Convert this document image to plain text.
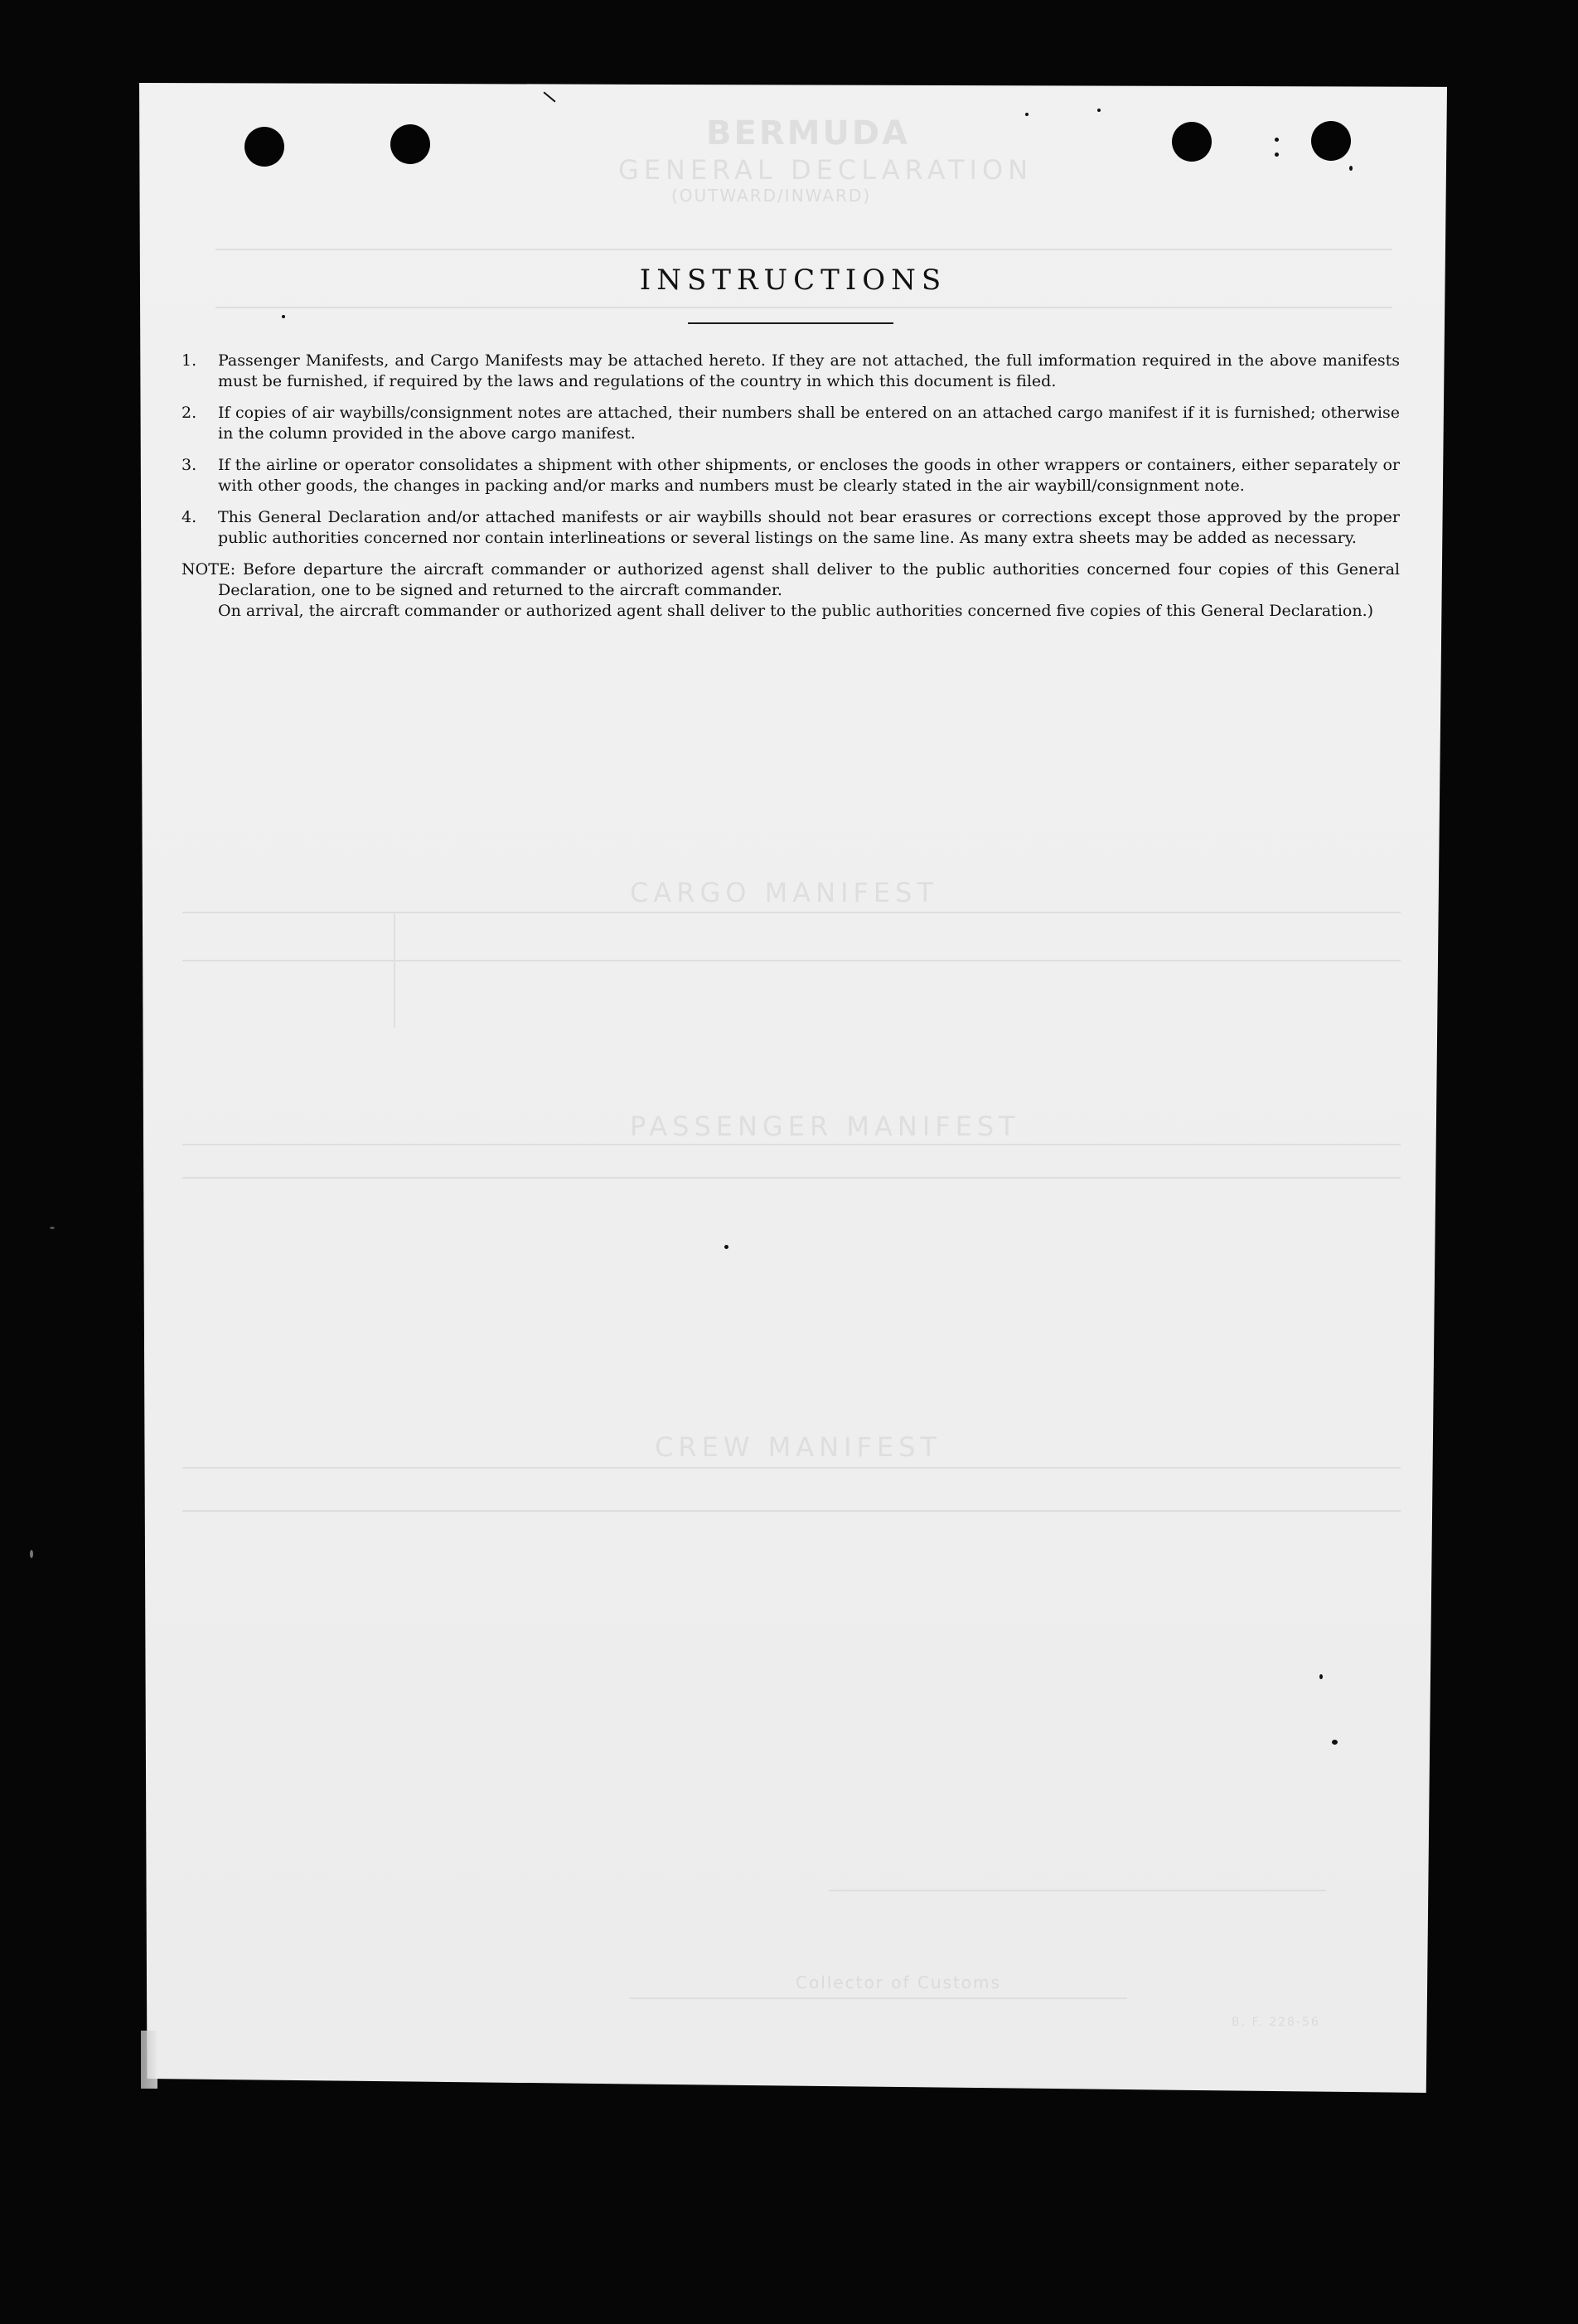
BERMUDA
GENERAL DECLARATION
(OUTWARD/INWARD)
CARGO MANIFEST
PASSENGER MANIFEST
CREW MANIFEST
Collector of Customs
B. F. 228-56
INSTRUCTIONS
1. Passenger Manifests, and Cargo Manifests may be attached hereto. If they are not attached, the full imformation required in the above manifests must be furnished, if required by the laws and regulations of the country in which this document is filed.
2. If copies of air waybills/consignment notes are attached, their numbers shall be entered on an attached cargo manifest if it is furnished; otherwise in the column provided in the above cargo manifest.
3. If the airline or operator consolidates a shipment with other shipments, or encloses the goods in other wrappers or containers, either separately or with other goods, the changes in packing and/or marks and numbers must be clearly stated in the air waybill/consignment note.
4. This General Declaration and/or attached manifests or air waybills should not bear erasures or corrections except those approved by the proper public authorities concerned nor contain interlineations or several listings on the same line. As many extra sheets may be added as necessary.
NOTE: Before departure the aircraft commander or authorized agenst shall deliver to the public authorities concerned four copies of this General Declaration, one to be signed and returned to the aircraft commander.
On arrival, the aircraft commander or authorized agent shall deliver to the public authorities concerned five copies of this General Declaration.)
